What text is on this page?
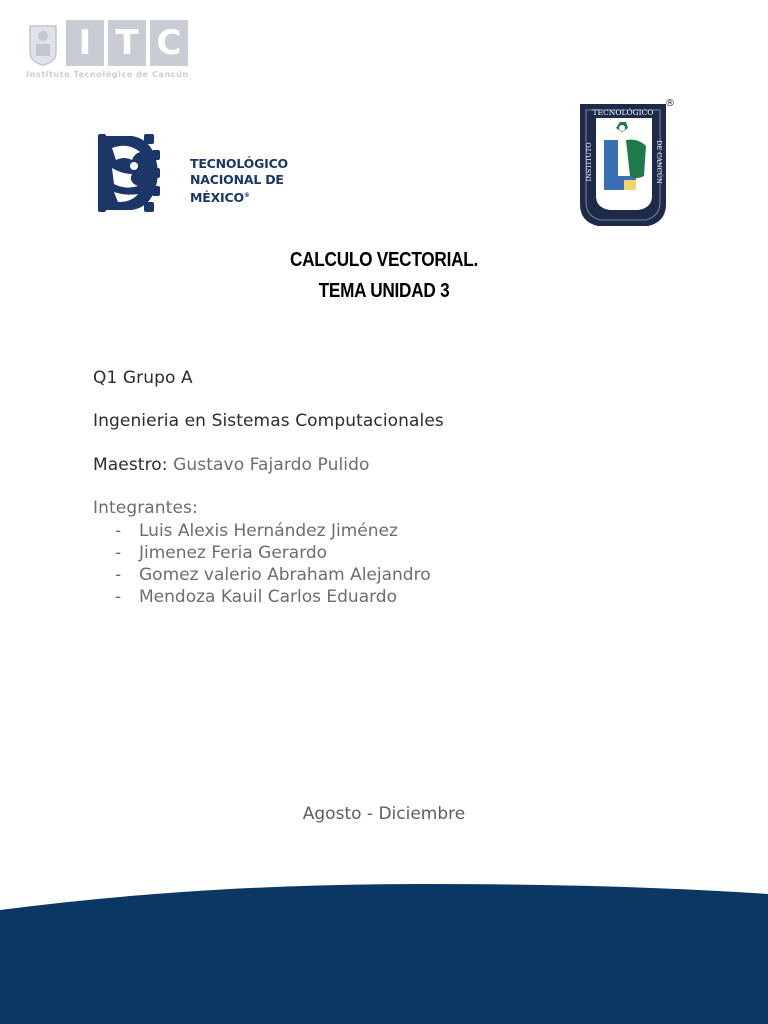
I T C
Instituto Tecnológico de Cancún
TECNOLÓGICO
NACIONAL DE MÉXICO®
TECNOLÓGICO
INSTITUTO	DE CANCÚN
®
CALCULO VECTORIAL.
TEMA UNIDAD 3
Q1 Grupo A
Ingenieria en Sistemas Computacionales
Maestro: Gustavo Fajardo Pulido
Integrantes:
- Luis Alexis Hernández Jiménez
- Jimenez Feria Gerardo
- Gomez valerio Abraham Alejandro
- Mendoza Kauil Carlos Eduardo
Agosto - Diciembre
